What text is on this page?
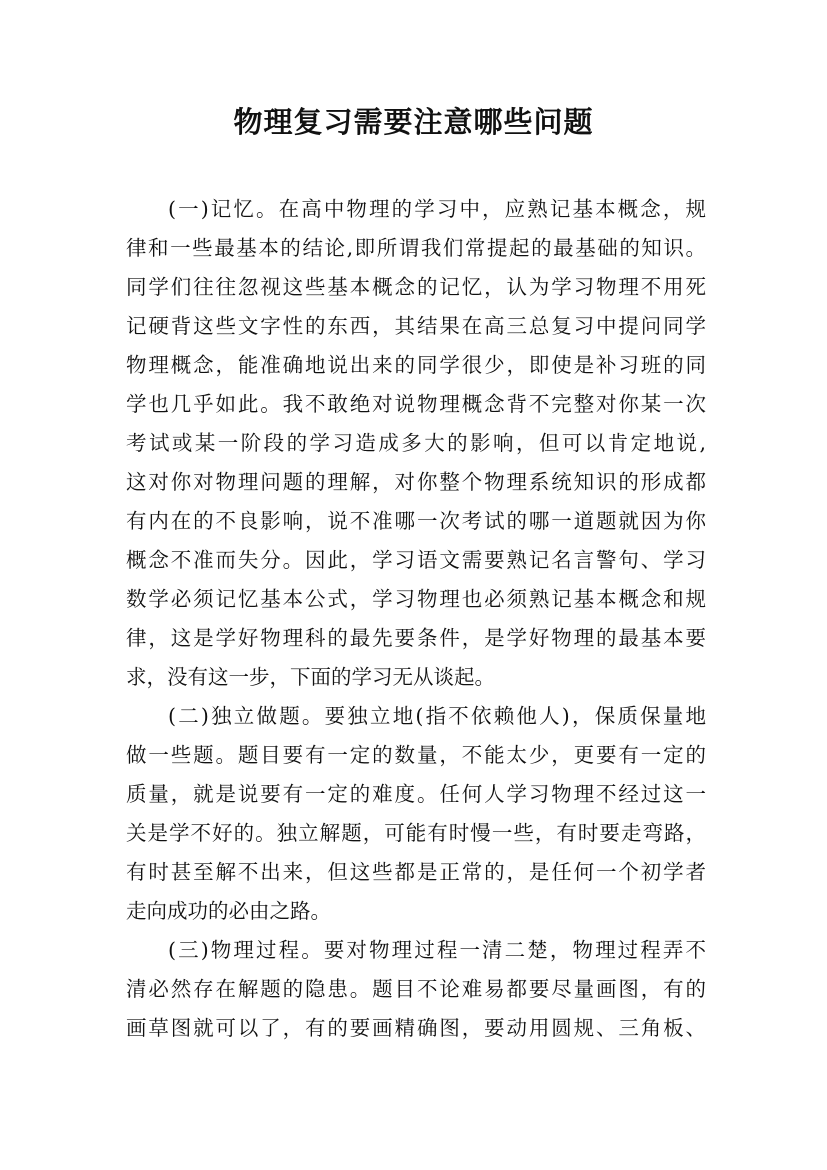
物理复习需要注意哪些问题
(一)记忆。在高中物理的学习中，应熟记基本概念，规
律和一些最基本的结论,即所谓我们常提起的最基础的知识。
同学们往往忽视这些基本概念的记忆，认为学习物理不用死
记硬背这些文字性的东西，其结果在高三总复习中提问同学
物理概念，能准确地说出来的同学很少，即使是补习班的同
学也几乎如此。我不敢绝对说物理概念背不完整对你某一次
考试或某一阶段的学习造成多大的影响，但可以肯定地说,
这对你对物理问题的理解，对你整个物理系统知识的形成都
有内在的不良影响，说不准哪一次考试的哪一道题就因为你
概念不准而失分。因此，学习语文需要熟记名言警句、学习
数学必须记忆基本公式，学习物理也必须熟记基本概念和规
律，这是学好物理科的最先要条件，是学好物理的最基本要
求，没有这一步，下面的学习无从谈起。
(二)独立做题。要独立地(指不依赖他人)，保质保量地
做一些题。题目要有一定的数量，不能太少，更要有一定的
质量，就是说要有一定的难度。任何人学习物理不经过这一
关是学不好的。独立解题，可能有时慢一些，有时要走弯路，
有时甚至解不出来，但这些都是正常的，是任何一个初学者
走向成功的必由之路。
(三)物理过程。要对物理过程一清二楚，物理过程弄不
清必然存在解题的隐患。题目不论难易都要尽量画图，有的
画草图就可以了，有的要画精确图，要动用圆规、三角板、
